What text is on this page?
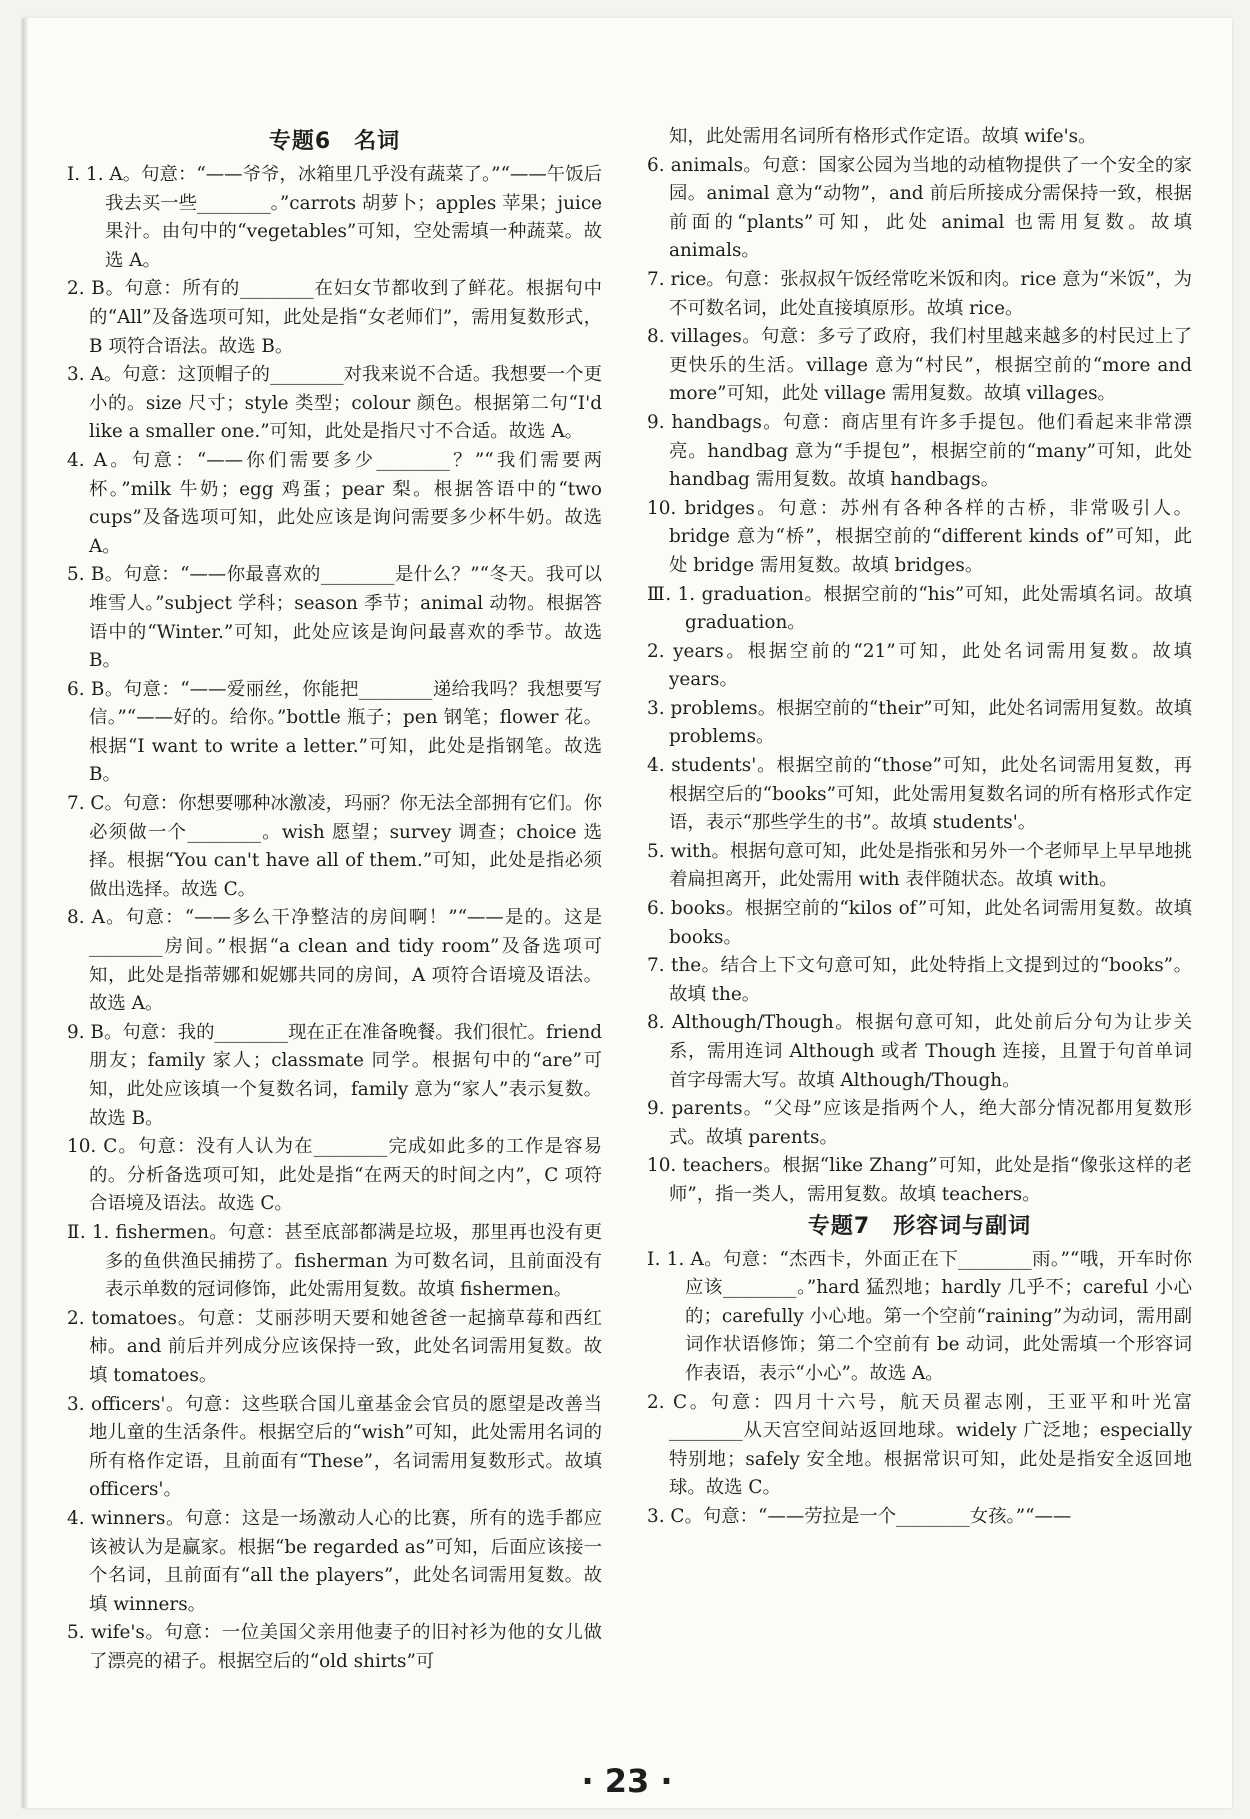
专题6　名词
Ⅰ. 1. A。句意：“——爷爷，冰箱里几乎没有蔬菜了。”“——午饭后我去买一些________。”carrots 胡萝卜；apples 苹果；juice 果汁。由句中的“vegetables”可知，空处需填一种蔬菜。故选 A。
2. B。句意：所有的________在妇女节都收到了鲜花。根据句中的“All”及备选项可知，此处是指“女老师们”，需用复数形式，B 项符合语法。故选 B。
3. A。句意：这顶帽子的________对我来说不合适。我想要一个更小的。size 尺寸；style 类型；colour 颜色。根据第二句“I'd like a smaller one.”可知，此处是指尺寸不合适。故选 A。
4. A。句意：“——你们需要多少________？”“我们需要两杯。”milk 牛奶；egg 鸡蛋；pear 梨。根据答语中的“two cups”及备选项可知，此处应该是询问需要多少杯牛奶。故选 A。
5. B。句意：“——你最喜欢的________是什么？”“冬天。我可以堆雪人。”subject 学科；season 季节；animal 动物。根据答语中的“Winter.”可知，此处应该是询问最喜欢的季节。故选 B。
6. B。句意：“——爱丽丝，你能把________递给我吗？我想要写信。”“——好的。给你。”bottle 瓶子；pen 钢笔；flower 花。根据“I want to write a letter.”可知，此处是指钢笔。故选 B。
7. C。句意：你想要哪种冰激凌，玛丽？你无法全部拥有它们。你必须做一个________。wish 愿望；survey 调查；choice 选择。根据“You can't have all of them.”可知，此处是指必须做出选择。故选 C。
8. A。句意：“——多么干净整洁的房间啊！”“——是的。这是________房间。”根据“a clean and tidy room”及备选项可知，此处是指蒂娜和妮娜共同的房间，A 项符合语境及语法。故选 A。
9. B。句意：我的________现在正在准备晚餐。我们很忙。friend 朋友；family 家人；classmate 同学。根据句中的“are”可知，此处应该填一个复数名词，family 意为“家人”表示复数。故选 B。
10. C。句意：没有人认为在________完成如此多的工作是容易的。分析备选项可知，此处是指“在两天的时间之内”，C 项符合语境及语法。故选 C。
Ⅱ. 1. fishermen。句意：甚至底部都满是垃圾，那里再也没有更多的鱼供渔民捕捞了。fisherman 为可数名词，且前面没有表示单数的冠词修饰，此处需用复数。故填 fishermen。
2. tomatoes。句意：艾丽莎明天要和她爸爸一起摘草莓和西红柿。and 前后并列成分应该保持一致，此处名词需用复数。故填 tomatoes。
3. officers'。句意：这些联合国儿童基金会官员的愿望是改善当地儿童的生活条件。根据空后的“wish”可知，此处需用名词的所有格作定语，且前面有“These”，名词需用复数形式。故填 officers'。
4. winners。句意：这是一场激动人心的比赛，所有的选手都应该被认为是赢家。根据“be regarded as”可知，后面应该接一个名词，且前面有“all the players”，此处名词需用复数。故填 winners。
5. wife's。句意：一位美国父亲用他妻子的旧衬衫为他的女儿做了漂亮的裙子。根据空后的“old shirts”可
知，此处需用名词所有格形式作定语。故填 wife's。
6. animals。句意：国家公园为当地的动植物提供了一个安全的家园。animal 意为“动物”，and 前后所接成分需保持一致，根据前面的“plants”可知，此处 animal 也需用复数。故填 animals。
7. rice。句意：张叔叔午饭经常吃米饭和肉。rice 意为“米饭”，为不可数名词，此处直接填原形。故填 rice。
8. villages。句意：多亏了政府，我们村里越来越多的村民过上了更快乐的生活。village 意为“村民”，根据空前的“more and more”可知，此处 village 需用复数。故填 villages。
9. handbags。句意：商店里有许多手提包。他们看起来非常漂亮。handbag 意为“手提包”，根据空前的“many”可知，此处 handbag 需用复数。故填 handbags。
10. bridges。句意：苏州有各种各样的古桥，非常吸引人。bridge 意为“桥”，根据空前的“different kinds of”可知，此处 bridge 需用复数。故填 bridges。
Ⅲ. 1. graduation。根据空前的“his”可知，此处需填名词。故填 graduation。
2. years。根据空前的“21”可知，此处名词需用复数。故填 years。
3. problems。根据空前的“their”可知，此处名词需用复数。故填 problems。
4. students'。根据空前的“those”可知，此处名词需用复数，再根据空后的“books”可知，此处需用复数名词的所有格形式作定语，表示“那些学生的书”。故填 students'。
5. with。根据句意可知，此处是指张和另外一个老师早上早早地挑着扁担离开，此处需用 with 表伴随状态。故填 with。
6. books。根据空前的“kilos of”可知，此处名词需用复数。故填 books。
7. the。结合上下文句意可知，此处特指上文提到过的“books”。故填 the。
8. Although/Though。根据句意可知，此处前后分句为让步关系，需用连词 Although 或者 Though 连接，且置于句首单词首字母需大写。故填 Although/Though。
9. parents。“父母”应该是指两个人，绝大部分情况都用复数形式。故填 parents。
10. teachers。根据“like Zhang”可知，此处是指“像张这样的老师”，指一类人，需用复数。故填 teachers。
专题7　形容词与副词
Ⅰ. 1. A。句意：“杰西卡，外面正在下________雨。”“哦，开车时你应该________。”hard 猛烈地；hardly 几乎不；careful 小心的；carefully 小心地。第一个空前“raining”为动词，需用副词作状语修饰；第二个空前有 be 动词，此处需填一个形容词作表语，表示“小心”。故选 A。
2. C。句意：四月十六号，航天员翟志刚，王亚平和叶光富________从天宫空间站返回地球。widely 广泛地；especially 特别地；safely 安全地。根据常识可知，此处是指安全返回地球。故选 C。
3. C。句意：“——劳拉是一个________女孩。”“——
· 23 ·
